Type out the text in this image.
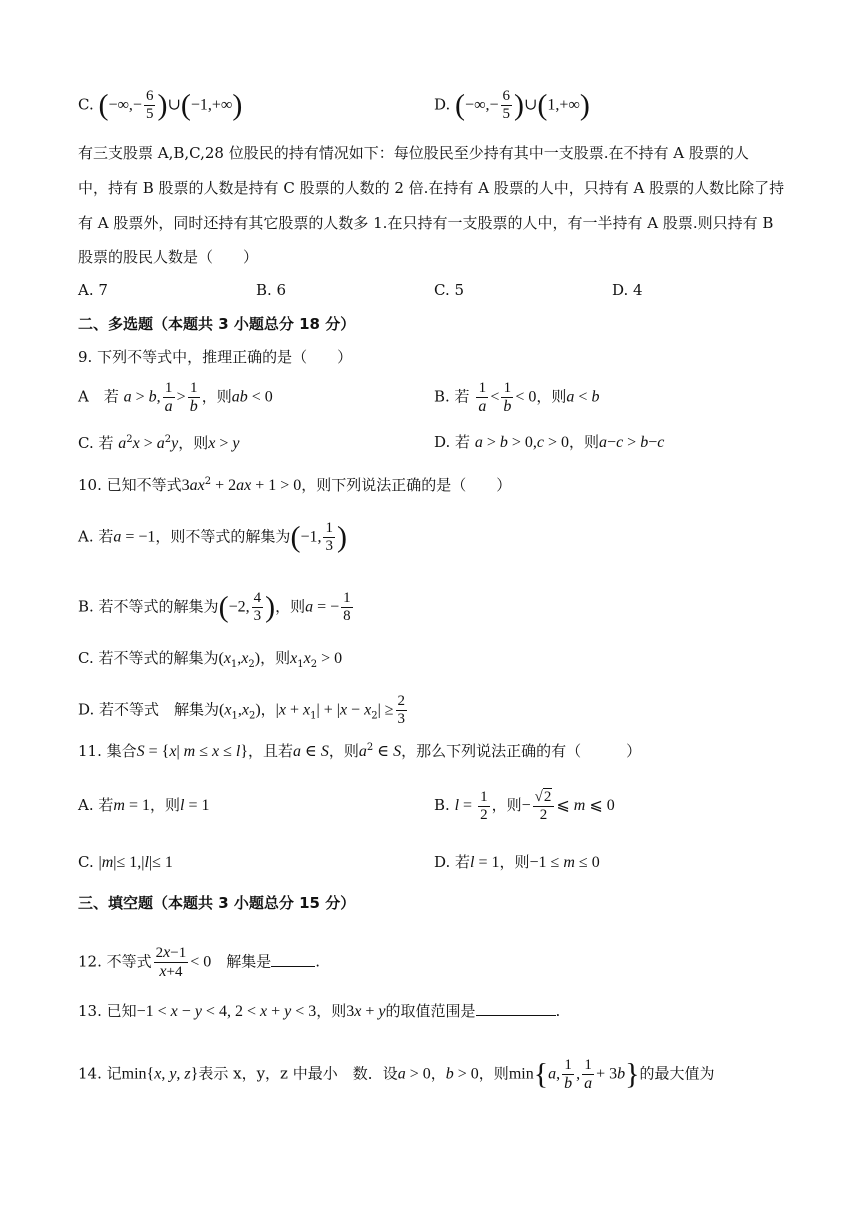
C. (−∞,− $\frac{6}{5}$ )∪(−1,+∞)	D. (−∞,− $\frac{6}{5}$ )∪(1,+∞)
有三支股票 A,B,C,28 位股民的持有情况如下：每位股民至少持有其中一支股票.在不持有 A 股票的人
中，持有 B 股票的人数是持有 C 股票的人数的 2 倍.在持有 A 股票的人中，只持有 A 股票的人数比除了持
有 A 股票外，同时还持有其它股票的人数多 1.在只持有一支股票的人中，有一半持有 A 股票.则只持有 B
股票的股民人数是（　　）
A. 7	B. 6	C. 5	D. 4
二、多选题（本题共 3 小题总分 18 分）
9. 下列不等式中，推理正确的是（　　）
A　若 a > b, $\frac{1}{a} > \frac{1}{b}$ ，则ab < 0	B. 若 $\frac{1}{a} < \frac{1}{b} < 0$，则a < b
C. 若 $a^2x > a^2y$，则x > y	D. 若 a > b > 0,c > 0，则a−c > b−c
10. 已知不等式$3ax^2 + 2ax + 1 > 0$，则下列说法正确的是（　　）
A. 若a = −1，则不等式的解集为(−1, $\frac{1}{3}$ )
B. 若不等式的解集为(−2, $\frac{4}{3}$ )，则a = − $\frac{1}{8}$
C. 若不等式的解集为$(x_1,x_2)$，则$x_1x_2 > 0$
D. 若不等式　解集为$(x_1,x_2)$，$|x + x_1| + |x - x_2| \ge \frac{2}{3}$
11. 集合S = {x| m ≤ x ≤ l}，且若a ∈ S，则$a^2$ ∈ S，那么下列说法正确的有（　　　）
A. 若m = 1，则l = 1	B. $l = \frac{1}{2}$ ，则− $\frac{√2}{2}$ ⩽ m ⩽ 0
C. |m|≤ 1,|l|≤ 1	D. 若l = 1，则−1 ≤ m ≤ 0
三、填空题（本题共 3 小题总分 15 分）
12. 不等式 $\frac{2x-1}{x+4} < 0$　解集是	.
13. 已知−1 < x − y < 4, 2 < x + y < 3，则3x + y的取值范围是	.
14. 记min{x, y, z}表示 x，y，z 中最小　数．设a > 0，b > 0，则min{a, $\frac{1}{b}$ , $\frac{1}{a} + 3b$}的最大值为
